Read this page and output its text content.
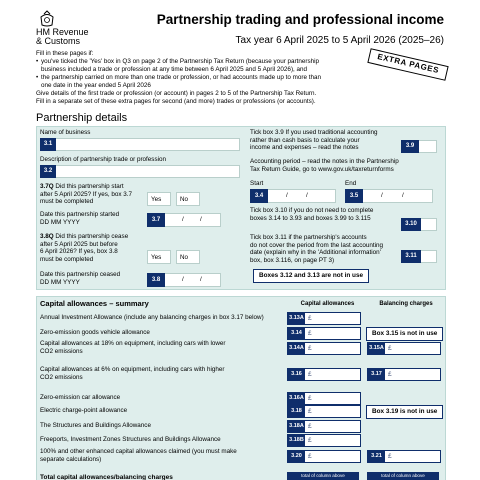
HM Revenue
& Customs
Partnership trading and professional income
Tax year 6 April 2025 to 5 April 2026 (2025–26)
EXTRA PAGES
Fill in these pages if:
• you've ticked the 'Yes' box in Q3 on page 2 of the Partnership Tax Return (because your partnership
business included a trade or profession at any time between 6 April 2025 and 5 April 2026), and
• the partnership carried on more than one trade or profession, or had accounts made up to more than
one date in the year ended 5 April 2026
Give details of the first trade or profession (or account) in pages 2 to 5 of the Partnership Tax Return.
Fill in a separate set of these extra pages for second (and more) trades or professions (or accounts).
Partnership details
Name of business
3.1
Description of partnership trade or profession
3.2
3.7Q Did this partnership start
after 5 April 2025? If yes, box 3.7
must be completed	Yes	No
Date this partnership started
DD MM YYYY	3.7	/	/
3.8Q Did this partnership cease
after 5 April 2025 but before
6 April 2026? If yes, box 3.8
must be completed	Yes	No
Date this partnership ceased
DD MM YYYY	3.8	/	/
Tick box 3.9 If you used traditional accounting
rather than cash basis to calculate your
income and expenses – read the notes	3.9
Accounting period – read the notes in the Partnership
Tax Return Guide, go to www.gov.uk/taxreturnforms
Start	End
3.4	/	/	3.5	/	/
Tick box 3.10 if you do not need to complete
boxes 3.14 to 3.93 and boxes 3.99 to 3.115
3.10
Tick box 3.11 if the partnership's accounts
do not cover the period from the last accounting
date (explain why in the 'Additional information'
box, box 3.116, on page PT 3)
3.11
Boxes 3.12 and 3.13 are not in use
Capital allowances – summary	Capital allowances	Balancing charges
Annual Investment Allowance (include any balancing charges in box 3.17 below)	3.13A £
Zero-emission goods vehicle allowance	3.14 £	Box 3.15 is not in use
Capital allowances at 18% on equipment, including cars with lower
CO2 emissions	3.14A £	3.15A £
Capital allowances at 6% on equipment, including cars with higher
CO2 emissions	3.16 £	3.17 £
Zero-emission car allowance	3.16A £
Electric charge-point allowance	3.18 £	Box 3.19 is not in use
The Structures and Buildings Allowance	3.18A £
Freeports, Investment Zones Structures and Buildings Allowance	3.18B £
100% and other enhanced capital allowances claimed (you must make
separate calculations)	3.20 £	3.21 £
Total capital allowances/balancing charges	total of column above	total of column above
